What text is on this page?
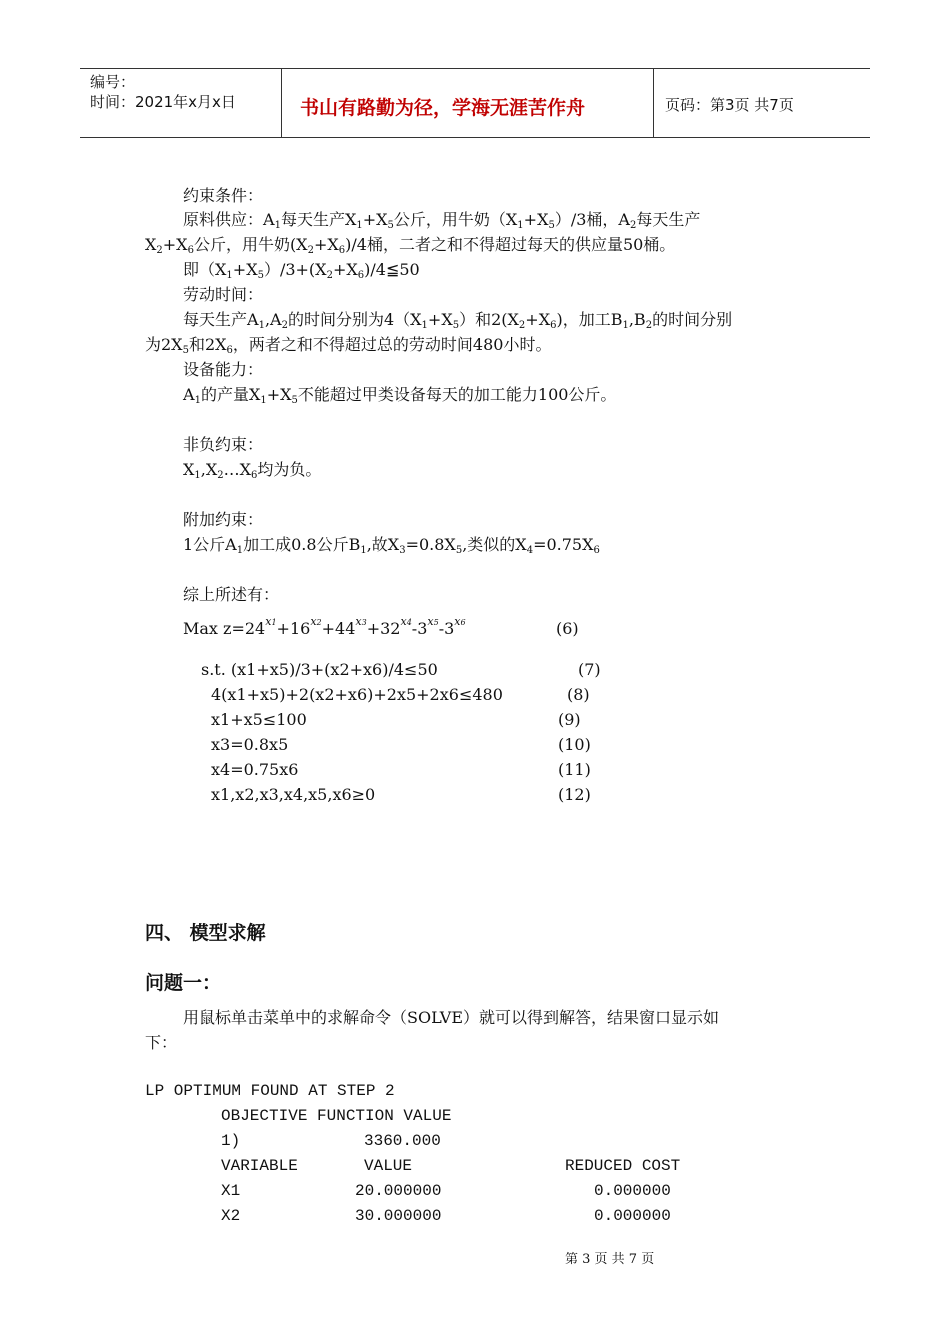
编号：
时间：2021年x月x日	书山有路勤为径，学海无涯苦作舟	页码：第3页 共7页
约束条件：
原料供应：$A_1$每天生产$X_1+X_5$公斤，用牛奶$(X_1+X_5)/3$桶，$A_2$每天生产
$X_2+X_6$公斤，用牛奶$(X_2+X_6)/4$桶，二者之和不得超过每天的供应量50桶。
即$(X_1+X_5)/3+(X_2+X_6)/4≦50$
劳动时间：
每天生产$A_1,A_2$的时间分别为$4(X_1+X_5)$和$2(X_2+X_6)$，加工$B_1,B_2$的时间分别
为$2X_5$和$2X_6$，两者之和不得超过总的劳动时间480小时。
设备能力：
$A_1$的产量$X_1+X_5$不能超过甲类设备每天的加工能力100公斤。
非负约束：
$X_1,X_2\dots X_6$均为负。
附加约束：
1公斤$A_1$加工成0.8公斤$B_1$,故$X_3=0.8X_5$,类似的$X_4=0.75X_6$
综上所述有：
Max $z=24^{x1}+16^{x2}+44^{x3}+32^{x4}-3^{x5}-3^{x6}$	(6)
s.t. (x1+x5)/3+(x2+x6)/4≤50	(7)
4(x1+x5)+2(x2+x6)+2x5+2x6≤480	(8)
x1+x5≤100	(9)
x3=0.8x5	(10)
x4=0.75x6	(11)
x1,x2,x3,x4,x5,x6≥0	(12)
四、 模型求解
问题一：
用鼠标单击菜单中的求解命令（SOLVE）就可以得到解答，结果窗口显示如
下：
LP OPTIMUM FOUND AT STEP 2
OBJECTIVE FUNCTION VALUE
1)	3360.000
VARIABLE	VALUE	REDUCED COST
X1	20.000000	0.000000
X2	30.000000	0.000000
第 3 页 共 7 页
